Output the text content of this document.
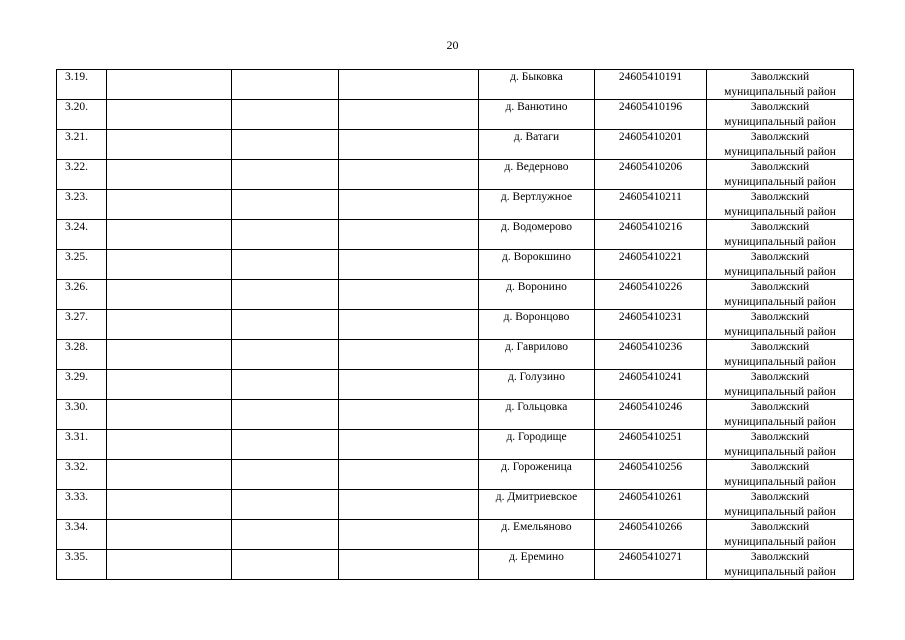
20
3.19.				д. Быковка	24605410191	Заволжский
муниципальный район

3.20.				д. Ванютино	24605410196	Заволжский
муниципальный район

3.21.				д. Ватаги	24605410201	Заволжский
муниципальный район

3.22.				д. Ведерново	24605410206	Заволжский
муниципальный район

3.23.				д. Вертлужное	24605410211	Заволжский
муниципальный район

3.24.				д. Водомерово	24605410216	Заволжский
муниципальный район

3.25.				д. Ворокшино	24605410221	Заволжский
муниципальный район

3.26.				д. Воронино	24605410226	Заволжский
муниципальный район

3.27.				д. Воронцово	24605410231	Заволжский
муниципальный район

3.28.				д. Гаврилово	24605410236	Заволжский
муниципальный район

3.29.				д. Голузино	24605410241	Заволжский
муниципальный район

3.30.				д. Гольцовка	24605410246	Заволжский
муниципальный район

3.31.				д. Городище	24605410251	Заволжский
муниципальный район

3.32.				д. Гороженица	24605410256	Заволжский
муниципальный район

3.33.				д. Дмитриевское	24605410261	Заволжский
муниципальный район

3.34.				д. Емельяново	24605410266	Заволжский
муниципальный район

3.35.				д. Еремино	24605410271	Заволжский
муниципальный район
